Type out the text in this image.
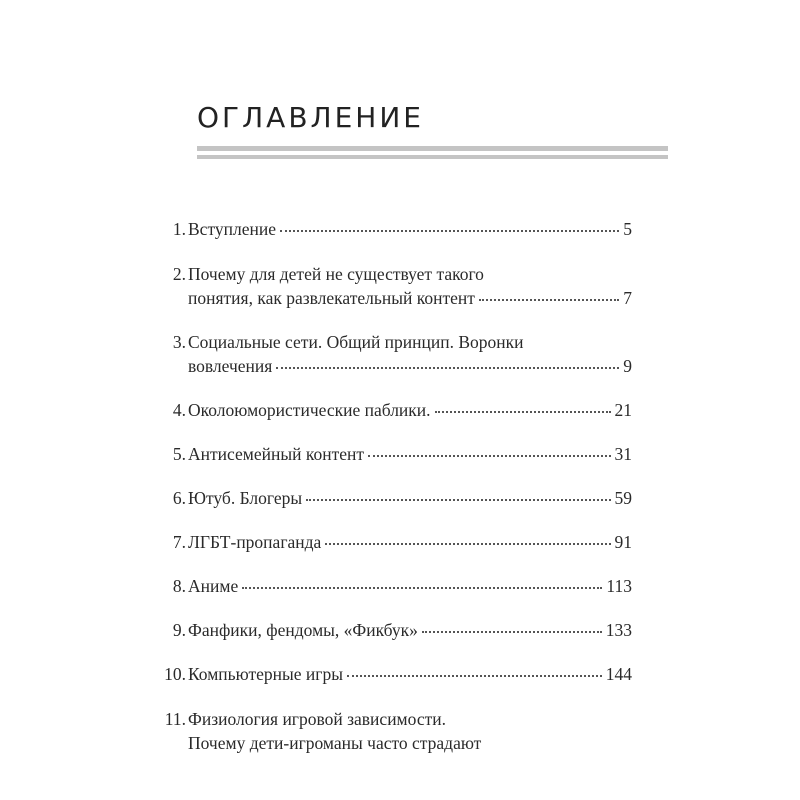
ОГЛАВЛЕНИЕ
1. Вступление	5
2. Почему для детей не существует такого
понятия, как развлекательный контент	7
3. Социальные сети. Общий принцип. Воронки
вовлечения	9
4. Околоюмористические паблики.	21
5. Антисемейный контент	31
6. Ютуб. Блогеры	59
7. ЛГБТ-пропаганда	91
8. Аниме	113
9. Фанфики, фендомы, «Фикбук»	133
10. Компьютерные игры	144
11. Физиология игровой зависимости.
Почему дети-игроманы часто страдают
